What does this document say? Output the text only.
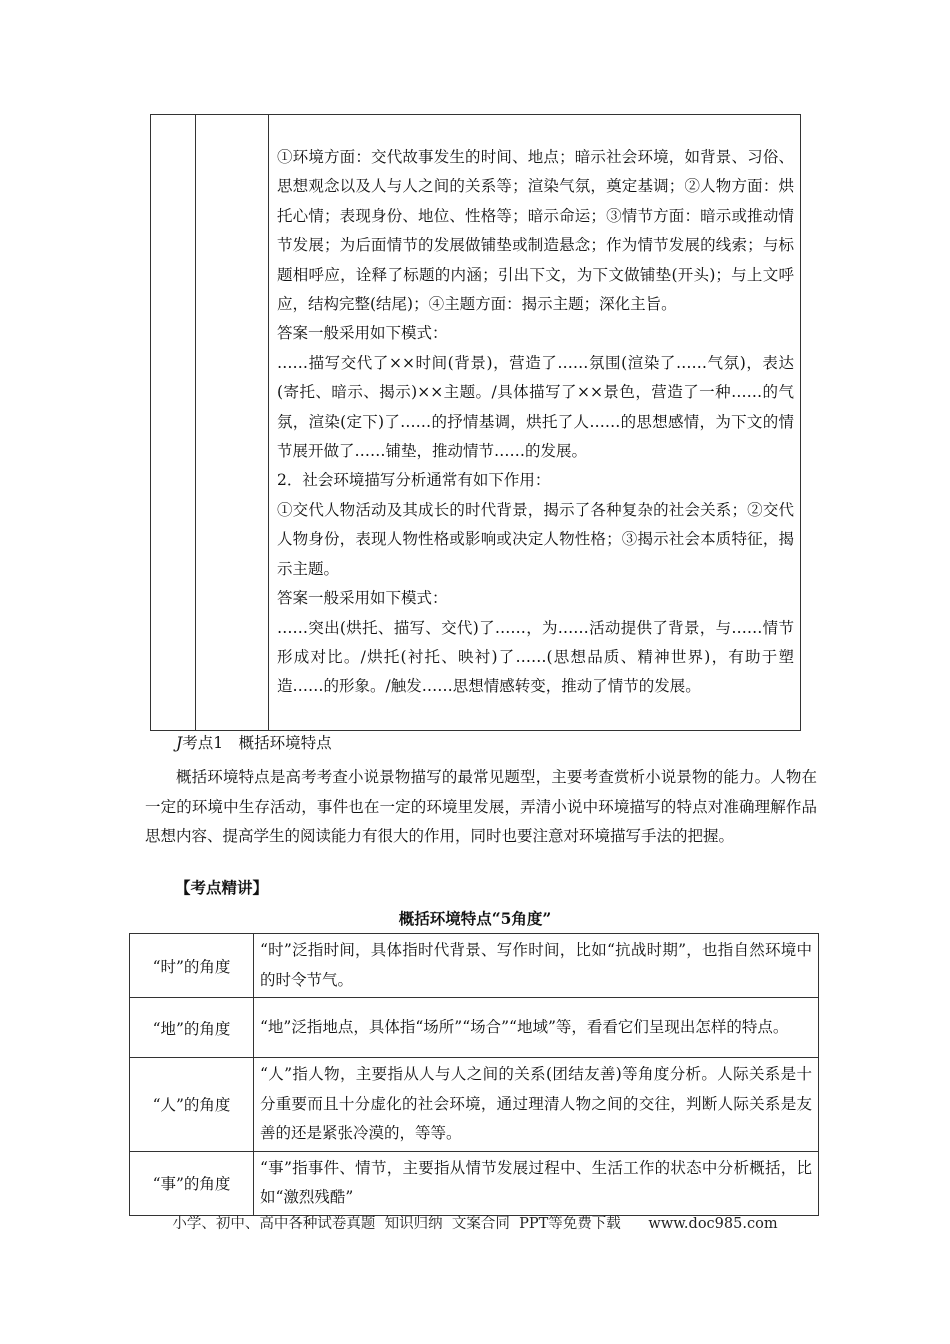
①环境方面：交代故事发生的时间、地点；暗示社会环境，如背景、习俗、思想观念以及人与人之间的关系等；渲染气氛，奠定基调；②人物方面：烘托心情；表现身份、地位、性格等；暗示命运；③情节方面：暗示或推动情节发展；为后面情节的发展做铺垫或制造悬念；作为情节发展的线索；与标题相呼应，诠释了标题的内涵；引出下文，为下文做铺垫(开头)；与上文呼应，结构完整(结尾)；④主题方面：揭示主题；深化主旨。

答案一般采用如下模式：

……描写交代了××时间(背景)，营造了……氛围(渲染了……气氛)，表达(寄托、暗示、揭示)××主题。/具体描写了××景色，营造了一种……的气氛，渲染(定下)了……的抒情基调，烘托了人……的思想感情，为下文的情节展开做了……铺垫，推动情节……的发展。

2．社会环境描写分析通常有如下作用：

①交代人物活动及其成长的时代背景，揭示了各种复杂的社会关系；②交代人物身份，表现人物性格或影响或决定人物性格；③揭示社会本质特征，揭示主题。

答案一般采用如下模式：

……突出(烘托、描写、交代)了……，为……活动提供了背景，与……情节形成对比。/烘托(衬托、映衬)了……(思想品质、精神世界)，有助于塑造……的形象。/触发……思想情感转变，推动了情节的发展。

J考点1　概括环境特点

概括环境特点是高考考查小说景物描写的最常见题型，主要考查赏析小说景物的能力。人物在一定的环境中生存活动，事件也在一定的环境里发展，弄清小说中环境描写的特点对准确理解作品思想内容、提高学生的阅读能力有很大的作用，同时也要注意对环境描写手法的把握。

【考点精讲】
概括环境特点“5角度”
“时”的角度	“时”泛指时间，具体指时代背景、写作时间，比如“抗战时期”，也指自然环境中的时令节气。
“地”的角度	“地”泛指地点，具体指“场所”“场合”“地域”等，看看它们呈现出怎样的特点。
“人”的角度	“人”指人物，主要指从人与人之间的关系(团结友善)等角度分析。人际关系是十分重要而且十分虚化的社会环境，通过理清人物之间的交往，判断人际关系是友善的还是紧张冷漠的，等等。
“事”的角度	“事”指事件、情节，主要指从情节发展过程中、生活工作的状态中分析概括，比如“激烈残酷”
小学、初中、高中各种试卷真题  知识归纳  文案合同  PPT等免费下载 www.doc985.com
